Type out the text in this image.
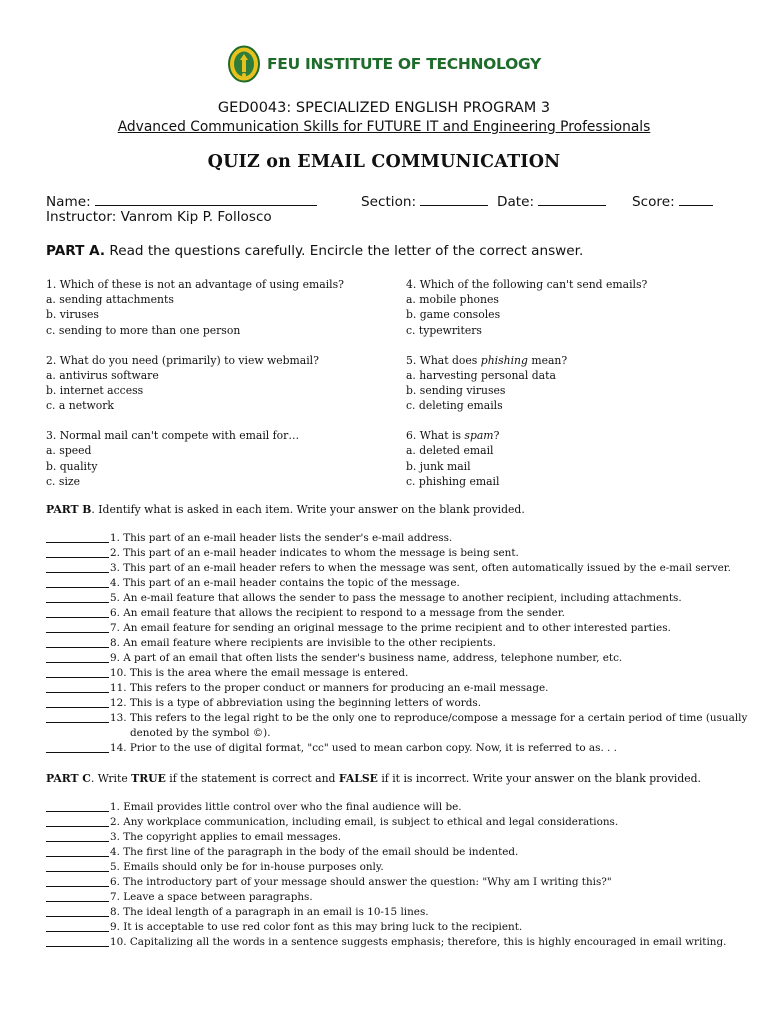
FEU INSTITUTE OF TECHNOLOGY
GED0043: SPECIALIZED ENGLISH PROGRAM 3
Advanced Communication Skills for FUTURE IT and Engineering Professionals
QUIZ on EMAIL COMMUNICATION
Name:	Section:	Date:	Score:
Instructor: Vanrom Kip P. Follosco
PART A. Read the questions carefully. Encircle the letter of the correct answer.
1. Which of these is not an advantage of using emails?
a. sending attachments
b. viruses
c. sending to more than one person
2. What do you need (primarily) to view webmail?
a. antivirus software
b. internet access
c. a network
3. Normal mail can't compete with email for…
a. speed
b. quality
c. size
4. Which of the following can't send emails?
a. mobile phones
b. game consoles
c. typewriters
5. What does phishing mean?
a. harvesting personal data
b. sending viruses
c. deleting emails
6. What is spam?
a. deleted email
b. junk mail
c. phishing email
PART B. Identify what is asked in each item. Write your answer on the blank provided.
1. This part of an e-mail header lists the sender's e-mail address.
2. This part of an e-mail header indicates to whom the message is being sent.
3. This part of an e-mail header refers to when the message was sent, often automatically issued by the e-mail server.
4. This part of an e-mail header contains the topic of the message.
5. An e-mail feature that allows the sender to pass the message to another recipient, including attachments.
6. An email feature that allows the recipient to respond to a message from the sender.
7. An email feature for sending an original message to the prime recipient and to other interested parties.
8. An email feature where recipients are invisible to the other recipients.
9. A part of an email that often lists the sender's business name, address, telephone number, etc.
10. This is the area where the email message is entered.
11. This refers to the proper conduct or manners for producing an e-mail message.
12. This is a type of abbreviation using the beginning letters of words.
13. This refers to the legal right to be the only one to reproduce/compose a message for a certain period of time (usually
denoted by the symbol ©).
14. Prior to the use of digital format, "cc" used to mean carbon copy. Now, it is referred to as. . .
PART C. Write TRUE if the statement is correct and FALSE if it is incorrect. Write your answer on the blank provided.
1. Email provides little control over who the final audience will be.
2. Any workplace communication, including email, is subject to ethical and legal considerations.
3. The copyright applies to email messages.
4. The first line of the paragraph in the body of the email should be indented.
5. Emails should only be for in-house purposes only.
6. The introductory part of your message should answer the question: "Why am I writing this?"
7. Leave a space between paragraphs.
8. The ideal length of a paragraph in an email is 10-15 lines.
9. It is acceptable to use red color font as this may bring luck to the recipient.
10. Capitalizing all the words in a sentence suggests emphasis; therefore, this is highly encouraged in email writing.
